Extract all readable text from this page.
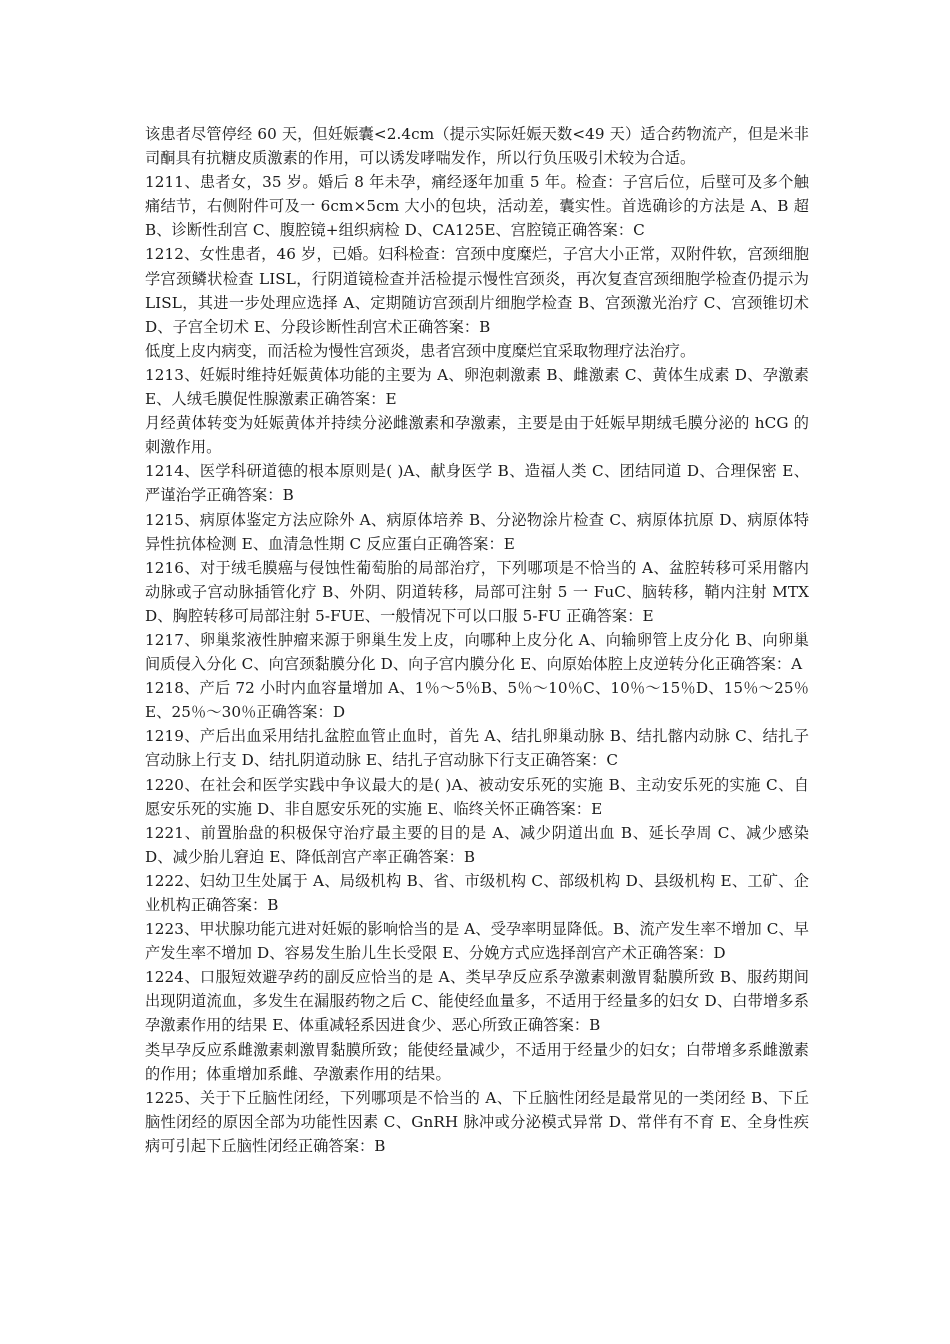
该患者尽管停经 60 天，但妊娠囊<2.4cm（提示实际妊娠天数<49 天）适合药物流产，但是米非司酮具有抗糖皮质激素的作用，可以诱发哮喘发作，所以行负压吸引术较为合适。

1211、患者女，35 岁。婚后 8 年未孕，痛经逐年加重 5 年。检查：子宫后位，后壁可及多个触痛结节，右侧附件可及一 6cm×5cm 大小的包块，活动差，囊实性。首选确诊的方法是 A、B 超 B、诊断性刮宫 C、腹腔镜+组织病检 D、CA125E、宫腔镜正确答案：C

1212、女性患者，46 岁，已婚。妇科检查：宫颈中度糜烂，子宫大小正常，双附件软，宫颈细胞学宫颈鳞状检查 LISL，行阴道镜检查并活检提示慢性宫颈炎，再次复查宫颈细胞学检查仍提示为 LISL，其进一步处理应选择 A、定期随访宫颈刮片细胞学检查 B、宫颈激光治疗 C、宫颈锥切术 D、子宫全切术 E、分段诊断性刮宫术正确答案：B

低度上皮内病变，而活检为慢性宫颈炎，患者宫颈中度糜烂宜采取物理疗法治疗。

1213、妊娠时维持妊娠黄体功能的主要为 A、卵泡刺激素 B、雌激素 C、黄体生成素 D、孕激素 E、人绒毛膜促性腺激素正确答案：E

月经黄体转变为妊娠黄体并持续分泌雌激素和孕激素，主要是由于妊娠早期绒毛膜分泌的 hCG 的刺激作用。

1214、医学科研道德的根本原则是( )A、献身医学 B、造福人类 C、团结同道 D、合理保密 E、严谨治学正确答案：B

1215、病原体鉴定方法应除外 A、病原体培养 B、分泌物涂片检查 C、病原体抗原 D、病原体特异性抗体检测 E、血清急性期 C 反应蛋白正确答案：E

1216、对于绒毛膜癌与侵蚀性葡萄胎的局部治疗，下列哪项是不恰当的 A、盆腔转移可采用髂内动脉或子宫动脉插管化疗 B、外阴、阴道转移，局部可注射 5 一 FuC、脑转移，鞘内注射 MTXD、胸腔转移可局部注射 5-FUE、一般情况下可以口服 5-FU 正确答案：E

1217、卵巢浆液性肿瘤来源于卵巢生发上皮，向哪种上皮分化 A、向输卵管上皮分化 B、向卵巢间质侵入分化 C、向宫颈黏膜分化 D、向子宫内膜分化 E、向原始体腔上皮逆转分化正确答案：A

1218、产后 72 小时内血容量增加 A、1％～5％B、5％～10％C、10％～15％D、15％～25％E、25％～30％正确答案：D

1219、产后出血采用结扎盆腔血管止血时，首先 A、结扎卵巢动脉 B、结扎髂内动脉 C、结扎子宫动脉上行支 D、结扎阴道动脉 E、结扎子宫动脉下行支正确答案：C

1220、在社会和医学实践中争议最大的是( )A、被动安乐死的实施 B、主动安乐死的实施 C、自愿安乐死的实施 D、非自愿安乐死的实施 E、临终关怀正确答案：E

1221、前置胎盘的积极保守治疗最主要的目的是 A、减少阴道出血 B、延长孕周 C、减少感染 D、减少胎儿窘迫 E、降低剖宫产率正确答案：B

1222、妇幼卫生处属于 A、局级机构 B、省、市级机构 C、部级机构 D、县级机构 E、工矿、企业机构正确答案：B

1223、甲状腺功能亢进对妊娠的影响恰当的是 A、受孕率明显降低。B、流产发生率不增加 C、早产发生率不增加 D、容易发生胎儿生长受限 E、分娩方式应选择剖宫产术正确答案：D

1224、口服短效避孕药的副反应恰当的是 A、类早孕反应系孕激素刺激胃黏膜所致 B、服药期间出现阴道流血，多发生在漏服药物之后 C、能使经血量多，不适用于经量多的妇女 D、白带增多系孕激素作用的结果 E、体重减轻系因进食少、恶心所致正确答案：B

类早孕反应系雌激素刺激胃黏膜所致；能使经量减少，不适用于经量少的妇女；白带增多系雌激素的作用；体重增加系雌、孕激素作用的结果。

1225、关于下丘脑性闭经，下列哪项是不恰当的 A、下丘脑性闭经是最常见的一类闭经 B、下丘脑性闭经的原因全部为功能性因素 C、GnRH 脉冲或分泌模式异常 D、常伴有不育 E、全身性疾病可引起下丘脑性闭经正确答案：B
